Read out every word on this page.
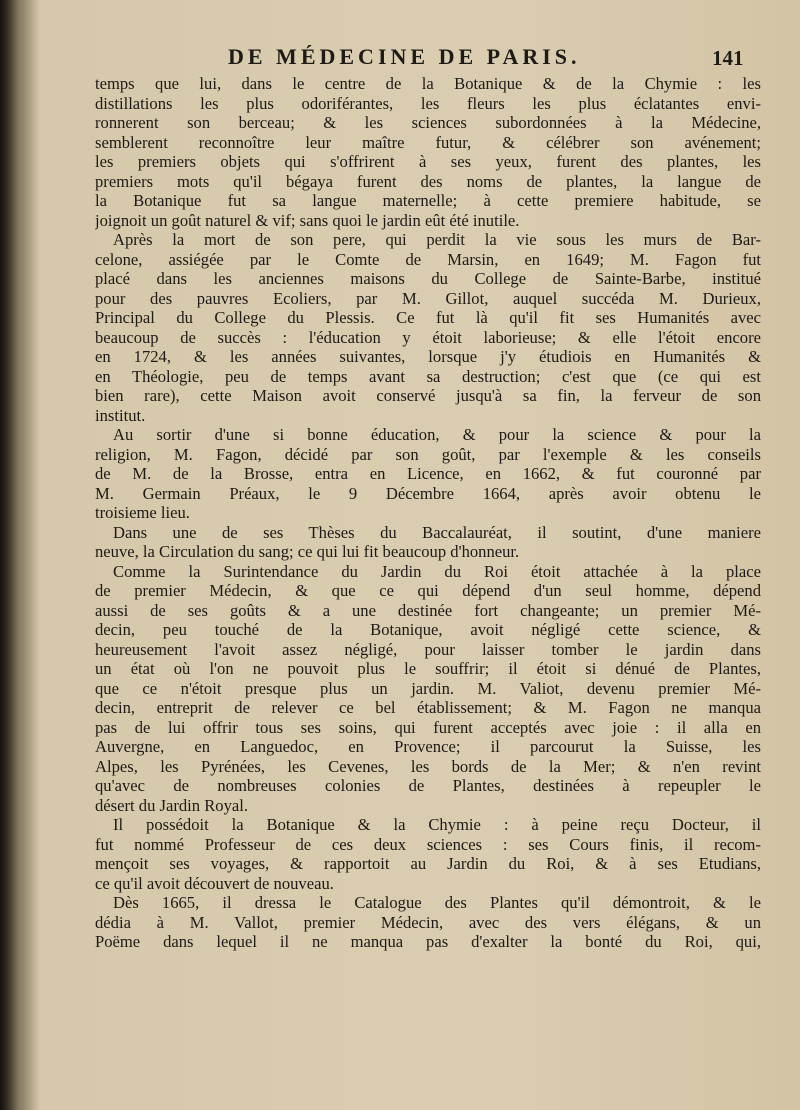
DE MÉDECINE DE PARIS.	141
temps que lui, dans le centre de la Botanique & de la Chymie : les
distillations les plus odoriférantes, les fleurs les plus éclatantes envi-
ronnerent son berceau; & les sciences subordonnées à la Médecine,
semblerent reconnoître leur maître futur, & célébrer son avénement;
les premiers objets qui s'offrirent à ses yeux, furent des plantes, les
premiers mots qu'il bégaya furent des noms de plantes, la langue de
la Botanique fut sa langue maternelle; à cette premiere habitude, se
joignoit un goût naturel & vif; sans quoi le jardin eût été inutile.
Après la mort de son pere, qui perdit la vie sous les murs de Bar-
celone, assiégée par le Comte de Marsin, en 1649; M. Fagon fut
placé dans les anciennes maisons du College de Sainte-Barbe, institué
pour des pauvres Ecoliers, par M. Gillot, auquel succéda M. Durieux,
Principal du College du Plessis. Ce fut là qu'il fit ses Humanités avec
beaucoup de succès : l'éducation y étoit laborieuse; & elle l'étoit encore
en 1724, & les années suivantes, lorsque j'y étudiois en Humanités &
en Théologie, peu de temps avant sa destruction; c'est que (ce qui est
bien rare), cette Maison avoit conservé jusqu'à sa fin, la ferveur de son
institut.
Au sortir d'une si bonne éducation, & pour la science & pour la
religion, M. Fagon, décidé par son goût, par l'exemple & les conseils
de M. de la Brosse, entra en Licence, en 1662, & fut couronné par
M. Germain Préaux, le 9 Décembre 1664, après avoir obtenu le
troisieme lieu.
Dans une de ses Thèses du Baccalauréat, il soutint, d'une maniere
neuve, la Circulation du sang; ce qui lui fit beaucoup d'honneur.
Comme la Surintendance du Jardin du Roi étoit attachée à la place
de premier Médecin, & que ce qui dépend d'un seul homme, dépend
aussi de ses goûts & a une destinée fort changeante; un premier Mé-
decin, peu touché de la Botanique, avoit négligé cette science, &
heureusement l'avoit assez négligé, pour laisser tomber le jardin dans
un état où l'on ne pouvoit plus le souffrir; il étoit si dénué de Plantes,
que ce n'étoit presque plus un jardin. M. Valiot, devenu premier Mé-
decin, entreprit de relever ce bel établissement; & M. Fagon ne manqua
pas de lui offrir tous ses soins, qui furent acceptés avec joie : il alla en
Auvergne, en Languedoc, en Provence; il parcourut la Suisse, les
Alpes, les Pyrénées, les Cevenes, les bords de la Mer; & n'en revint
qu'avec de nombreuses colonies de Plantes, destinées à repeupler le
désert du Jardin Royal.
Il possédoit la Botanique & la Chymie : à peine reçu Docteur, il
fut nommé Professeur de ces deux sciences : ses Cours finis, il recom-
mençoit ses voyages, & rapportoit au Jardin du Roi, & à ses Etudians,
ce qu'il avoit découvert de nouveau.
Dès 1665, il dressa le Catalogue des Plantes qu'il démontroit, & le
dédia à M. Vallot, premier Médecin, avec des vers élégans, & un
Poëme dans lequel il ne manqua pas d'exalter la bonté du Roi, qui,
